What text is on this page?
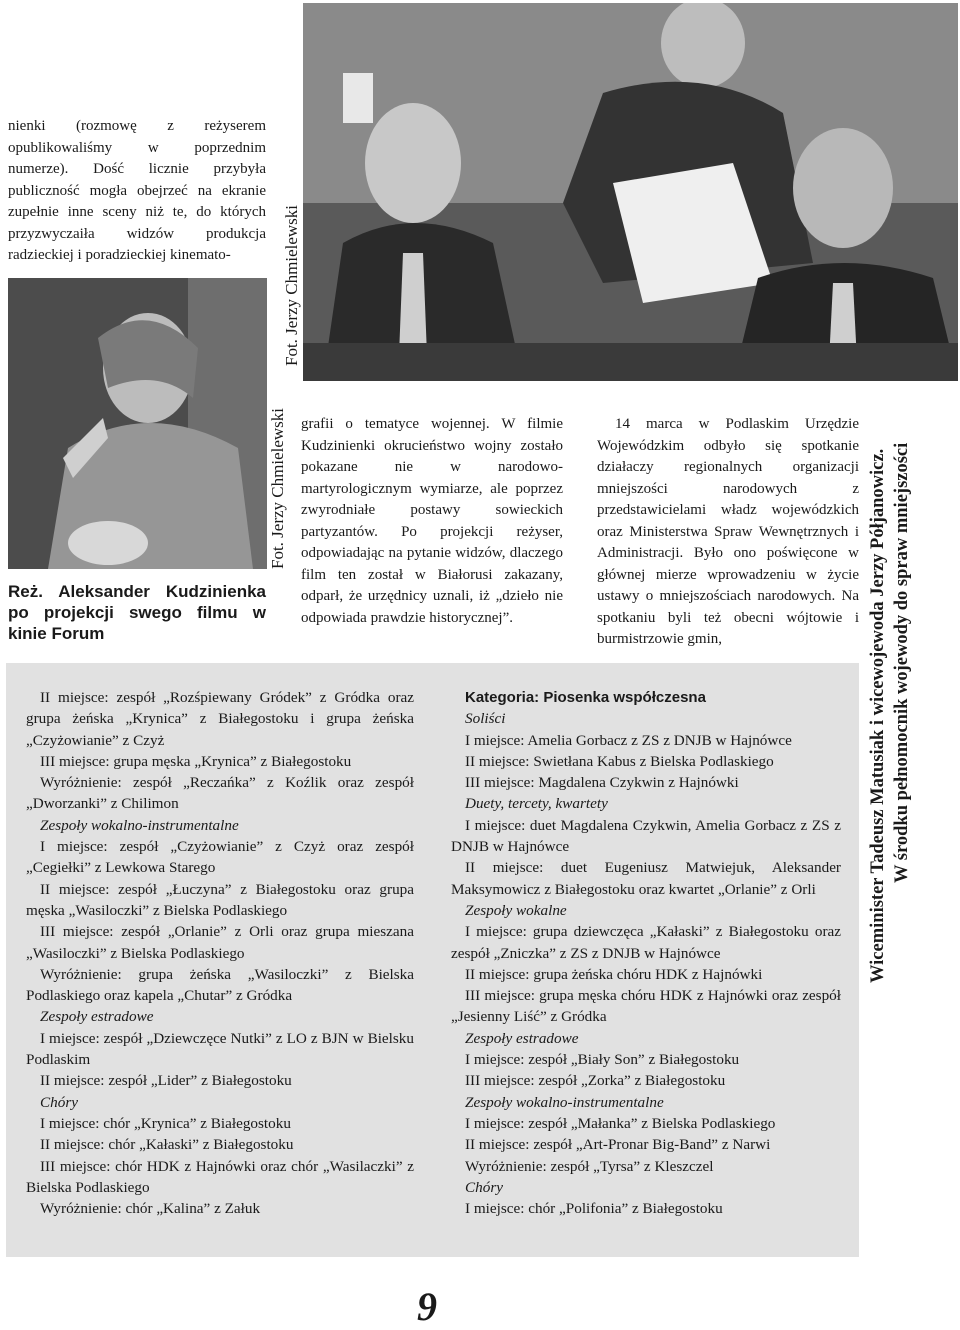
nienki (rozmowę z reżyserem opublikowaliśmy w poprzednim numerze). Dość licznie przybyła publiczność mogła obejrzeć na ekranie zupełnie inne sceny niż te, do których przyzwyczaiła widzów produkcja radzieckiej i poradzieckiej kinemato-	Fot. Jerzy Chmielewski
Fot. Jerzy Chmielewski
Reż. Aleksander Kudzinienka po projekcji swego filmu w kinie Forum
grafii o tematyce wojennej. W filmie Kudzinienki okrucieństwo wojny zostało pokazane nie w narodowo-martyrologicznym wymiarze, ale poprzez zwyrodniałe postawy sowieckich partyzantów. Po projekcji reżyser, odpowiadając na pytanie widzów, dlaczego film ten został w Białorusi zakazany, odparł, że urzędnicy uznali, iż „dzieło nie odpowiada prawdzie historycznej”.
14 marca w Podlaskim Urzędzie Wojewódzkim odbyło się spotkanie działaczy regionalnych organizacji mniejszości narodowych z przedstawicielami władz wojewódzkich oraz Ministerstwa Spraw Wewnętrznych i Administracji. Było ono poświęcone w głównej mierze wprowadzeniu w życie ustawy o mniejszościach narodowych. Na spotkaniu byli też obecni wójtowie i burmistrzowie gmin,	Wiceminister Tadeusz Matusiak i wicewojewoda Jerzy Półjanowicz. W środku pełnomocnik wojewody do spraw mniejszości

II miejsce: zespół „Rozśpiewany Gródek” z Gródka oraz grupa żeńska „Krynica” z Białegostoku i grupa żeńska „Czyżowianie” z Czyż

III miejsce: grupa męska „Krynica” z Białegostoku

Wyróżnienie: zespół „Reczańka” z Koźlik oraz zespół „Dworzanki” z Chilimon

Zespoły wokalno-instrumentalne

I miejsce: zespół „Czyżowianie” z Czyż oraz zespół „Cegiełki” z Lewkowa Starego

II miejsce: zespół „Łuczyna” z Białegostoku oraz grupa męska „Wasiloczki” z Bielska Podlaskiego

III miejsce: zespół „Orlanie” z Orli oraz grupa mieszana „Wasiloczki” z Bielska Podlaskiego

Wyróżnienie: grupa żeńska „Wasiloczki” z Bielska Podlaskiego oraz kapela „Chutar” z Gródka

Zespoły estradowe

I miejsce: zespół „Dziewczęce Nutki” z LO z BJN w Bielsku Podlaskim

II miejsce: zespół „Lider” z Białegostoku

Chóry

I miejsce: chór „Krynica” z Białegostoku

II miejsce: chór „Kałaski” z Białegostoku

III miejsce: chór HDK z Hajnówki oraz chór „Wasilaczki” z Bielska Podlaskiego

Wyróżnienie: chór „Kalina” z Załuk

Kategoria: Piosenka współczesna

Soliści

I miejsce: Amelia Gorbacz z ZS z DNJB w Hajnówce

II miejsce: Swietłana Kabus z Bielska Podlaskiego

III miejsce: Magdalena Czykwin z Hajnówki

Duety, tercety, kwartety

I miejsce: duet Magdalena Czykwin, Amelia Gorbacz z ZS z DNJB w Hajnówce

II miejsce: duet Eugeniusz Matwiejuk, Aleksander Maksymowicz z Białegostoku oraz kwartet „Orlanie” z Orli

Zespoły wokalne

I miejsce: grupa dziewczęca „Kałaski” z Białegostoku oraz zespół „Zniczka” z ZS z DNJB w Hajnówce

II miejsce: grupa żeńska chóru HDK z Hajnówki

III miejsce: grupa męska chóru HDK z Hajnówki oraz zespół „Jesienny Liść” z Gródka

Zespoły estradowe

I miejsce: zespół „Biały Son” z Białegostoku

III miejsce: zespół „Zorka” z Białegostoku

Zespoły wokalno-instrumentalne

I miejsce: zespół „Małanka” z Bielska Podlaskiego

II miejsce: zespół „Art-Pronar Big-Band” z Narwi

Wyróżnienie: zespół „Tyrsa” z Kleszczel

Chóry

I miejsce: chór „Polifonia” z Białegostoku

9
